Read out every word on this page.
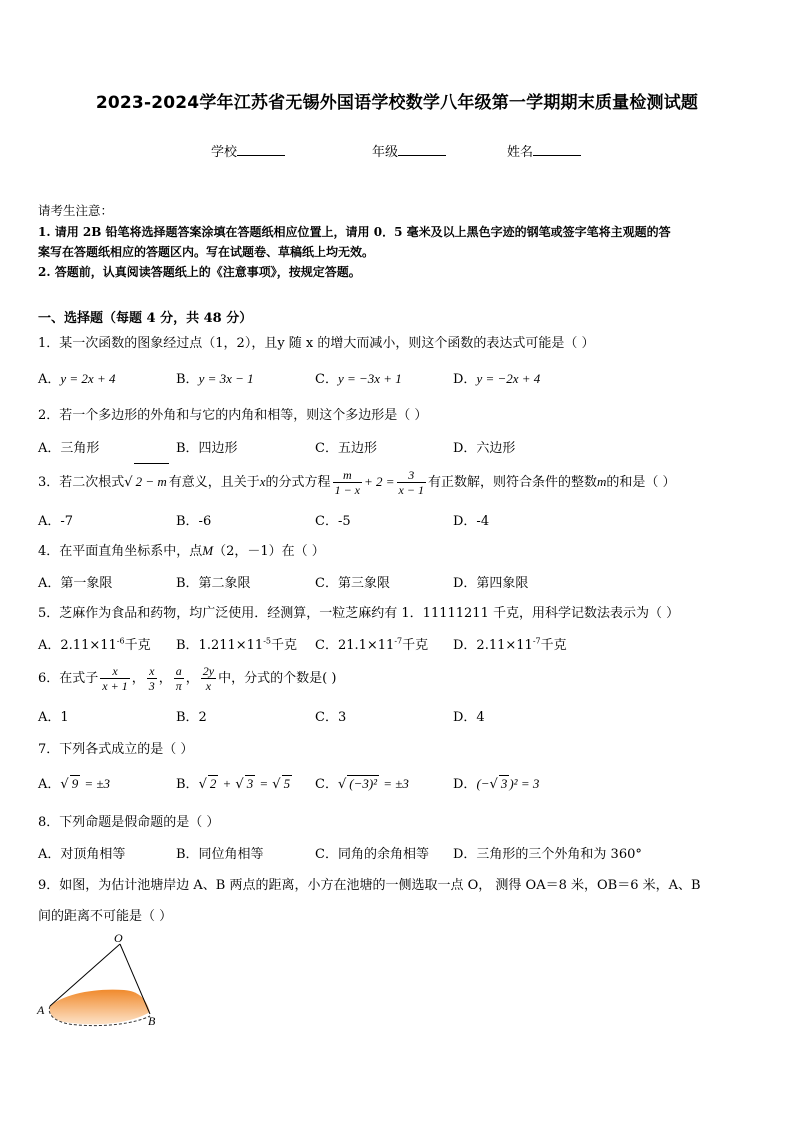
2023-2024学年江苏省无锡外国语学校数学八年级第一学期期末质量检测试题
学校	年级	姓名
请考生注意：
1. 请用 2B 铅笔将选择题答案涂填在答题纸相应位置上，请用 0．5 毫米及以上黑色字迹的钢笔或签字笔将主观题的答
案写在答题纸相应的答题区内。写在试题卷、草稿纸上均无效。
2. 答题前，认真阅读答题纸上的《注意事项》，按规定答题。
一、选择题（每题 4 分，共 48 分）
1．某一次函数的图象经过点（1，2），且y 随 x 的增大而减小，则这个函数的表达式可能是（ ）
A．y = 2x + 4	B．y = 3x − 1	C．y = −3x + 1	D．y = −2x + 4
2．若一个多边形的外角和与它的内角和相等，则这个多边形是（ ）
A．三角形	B．四边形	C．五边形	D．六边形
3．若二次根式√ 2 − m 有意义，且关于x的分式方程 $\frac{m}{1 - x} + 2 = \frac{3}{x - 1}$ 有正数解，则符合条件的整数m的和是（ ）
A．-7	B．-6	C．-5	D．-4
4．在平面直角坐标系中，点M（2，－1）在（ ）
A．第一象限	B．第二象限	C．第三象限	D．第四象限
5．芝麻作为食品和药物，均广泛使用．经测算，一粒芝麻约有 1．11111211 千克，用科学记数法表示为（ ）
A．$2.11\times 11^{-6}$千克 B．$1.211\times 11^{-5}$千克 C．$21.1\times 11^{-7}$千克 D．$2.11\times 11^{-7}$千克
6．在式子 $\frac{x}{x + 1}$ ， $\frac{x}{3}$ ， $\frac{a}{\pi}$ ， $\frac{2y}{x}$ 中，分式的个数是( )
A．1	B．2	C．3	D．4
7．下列各式成立的是（ ）
A．√ 9 = ±3	B．√ 2 + √ 3 = √ 5 C．√ (−3)² = ±3	D．(−√ 3 )² = 3
8．下列命题是假命题的是（ ）
A．对顶角相等	B．同位角相等	C．同角的余角相等 D．三角形的三个外角和为 360°
9．如图，为估计池塘岸边 A、B 两点的距离，小方在池塘的一侧选取一点 O， 测得 OA＝8 米，OB＝6 米，A、B
间的距离不可能是（ ）
O
A
B
